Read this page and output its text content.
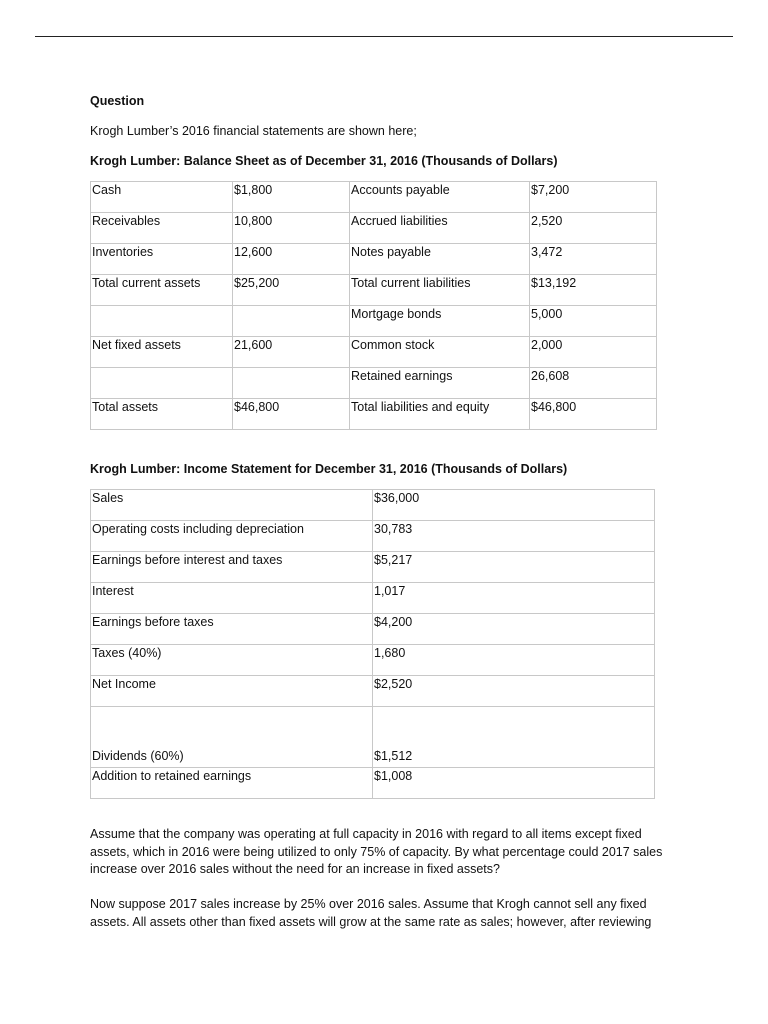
Question
Krogh Lumber’s 2016 financial statements are shown here;
Krogh Lumber: Balance Sheet as of December 31, 2016 (Thousands of Dollars)
Cash	$1,800	Accounts payable	$7,200
Receivables	10,800	Accrued liabilities	2,520
Inventories	12,600	Notes payable	3,472
Total current assets	$25,200	Total current liabilities	$13,192
		Mortgage bonds	5,000
Net fixed assets	21,600	Common stock	2,000
		Retained earnings	26,608
Total assets	$46,800	Total liabilities and equity	$46,800
Krogh Lumber: Income Statement for December 31, 2016 (Thousands of Dollars)
Sales	$36,000
Operating costs including depreciation	30,783
Earnings before interest and taxes	$5,217
Interest	1,017
Earnings before taxes	$4,200
Taxes (40%)	1,680
Net Income	$2,520

Dividends (60%)	$1,512

Addition to retained earnings	$1,008

Assume that the company was operating at full capacity in 2016 with regard to all items except fixed assets, which in 2016 were being utilized to only 75% of capacity. By what percentage could 2017 sales increase over 2016 sales without the need for an increase in fixed assets?

Now suppose 2017 sales increase by 25% over 2016 sales. Assume that Krogh cannot sell any fixed assets. All assets other than fixed assets will grow at the same rate as sales; however, after reviewing
